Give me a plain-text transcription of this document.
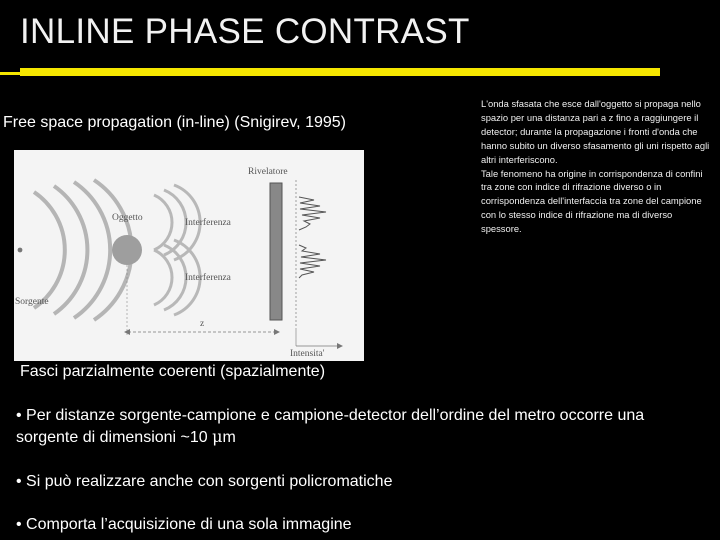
INLINE PHASE CONTRAST
Free space propagation (in-line) (Snigirev, 1995)

L'onda sfasata che esce dall'oggetto si propaga nello spazio per una distanza pari a z fino a raggiungere il detector; durante la propagazione i fronti d'onda che hanno subito un diverso sfasamento gli uni rispetto agli altri interferiscono.

Tale fenomeno ha origine in corrispondenza di confini tra zone con indice di rifrazione diverso o in corrispondenza dell'interfaccia tra zone del campione con lo stesso indice di rifrazione ma di diverso spessore.

Rivelatore
Oggetto	Interferenza
Interferenza
Sorgente
z
Intensita'
Fasci parzialmente coerenti (spazialmente)
• Per distanze sorgente-campione e campione-detector dell’ordine del metro occorre una sorgente di dimensioni ~10 μm
• Si può realizzare anche con sorgenti policromatiche
• Comporta l’acquisizione di una sola immagine
